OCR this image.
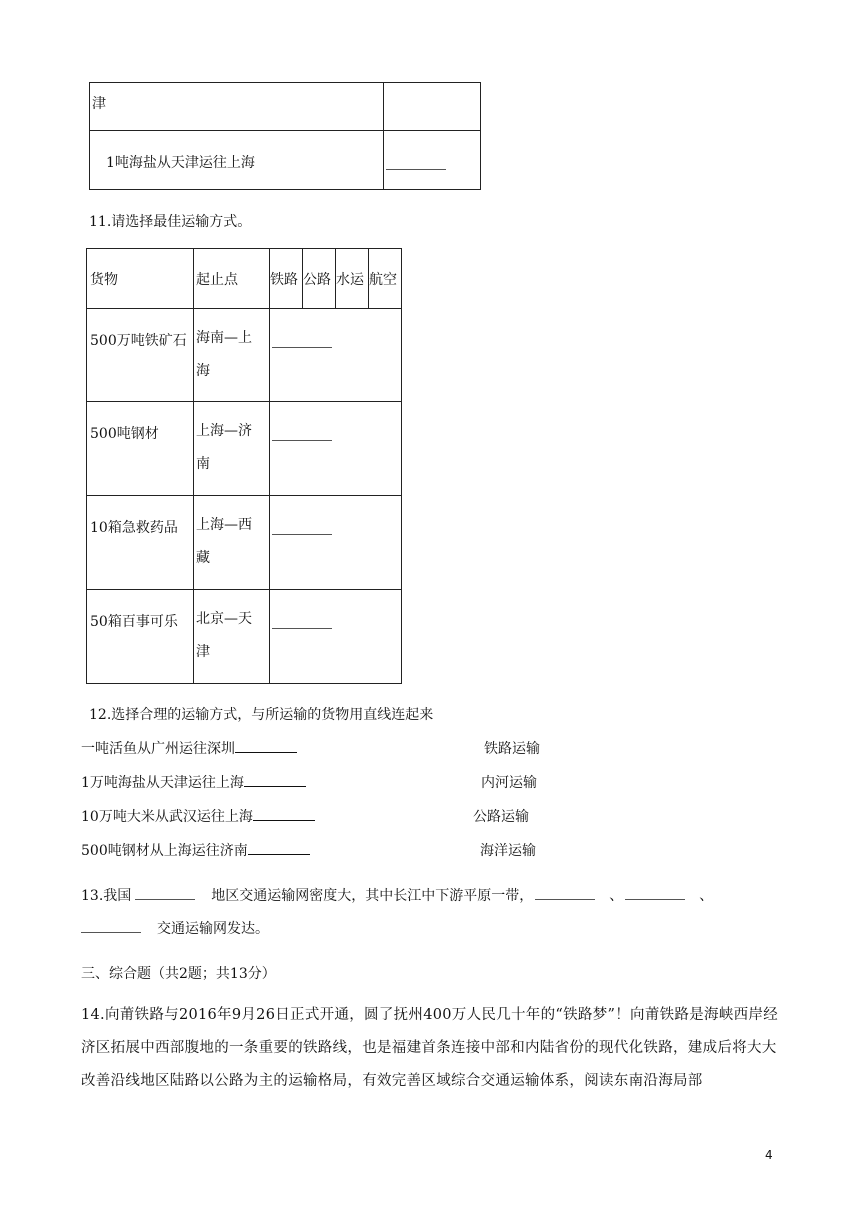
津	

1吨海盐从天津运往上海	

11.请选择最佳运输方式。
货物	起止点	铁路	公路	水运	航空

500万吨铁矿石	海南—上
海				

500吨钢材	上海—济
南				

10箱急救药品	上海—西
藏				

50箱百事可乐	北京—天
津				

12.选择合理的运输方式，与所运输的货物用直线连起来
一吨活鱼从广州运往深圳
1万吨海盐从天津运往上海
10万吨大米从武汉运往上海
500吨钢材从上海运往济南
铁路运输
内河运输
公路运输
海洋运输
13.我国	地区交通运输网密度大，其中长江中下游平原一带，	、	、
交通运输网发达。
三、综合题（共2题；共13分）
14.向莆铁路与2016年9月26日正式开通，圆了抚州400万人民几十年的“铁路梦”！向莆铁路是海峡西岸经济区拓展中西部腹地的一条重要的铁路线，也是福建首条连接中部和内陆省份的现代化铁路，建成后将大大改善沿线地区陆路以公路为主的运输格局，有效完善区域综合交通运输体系，阅读东南沿海局部
4
